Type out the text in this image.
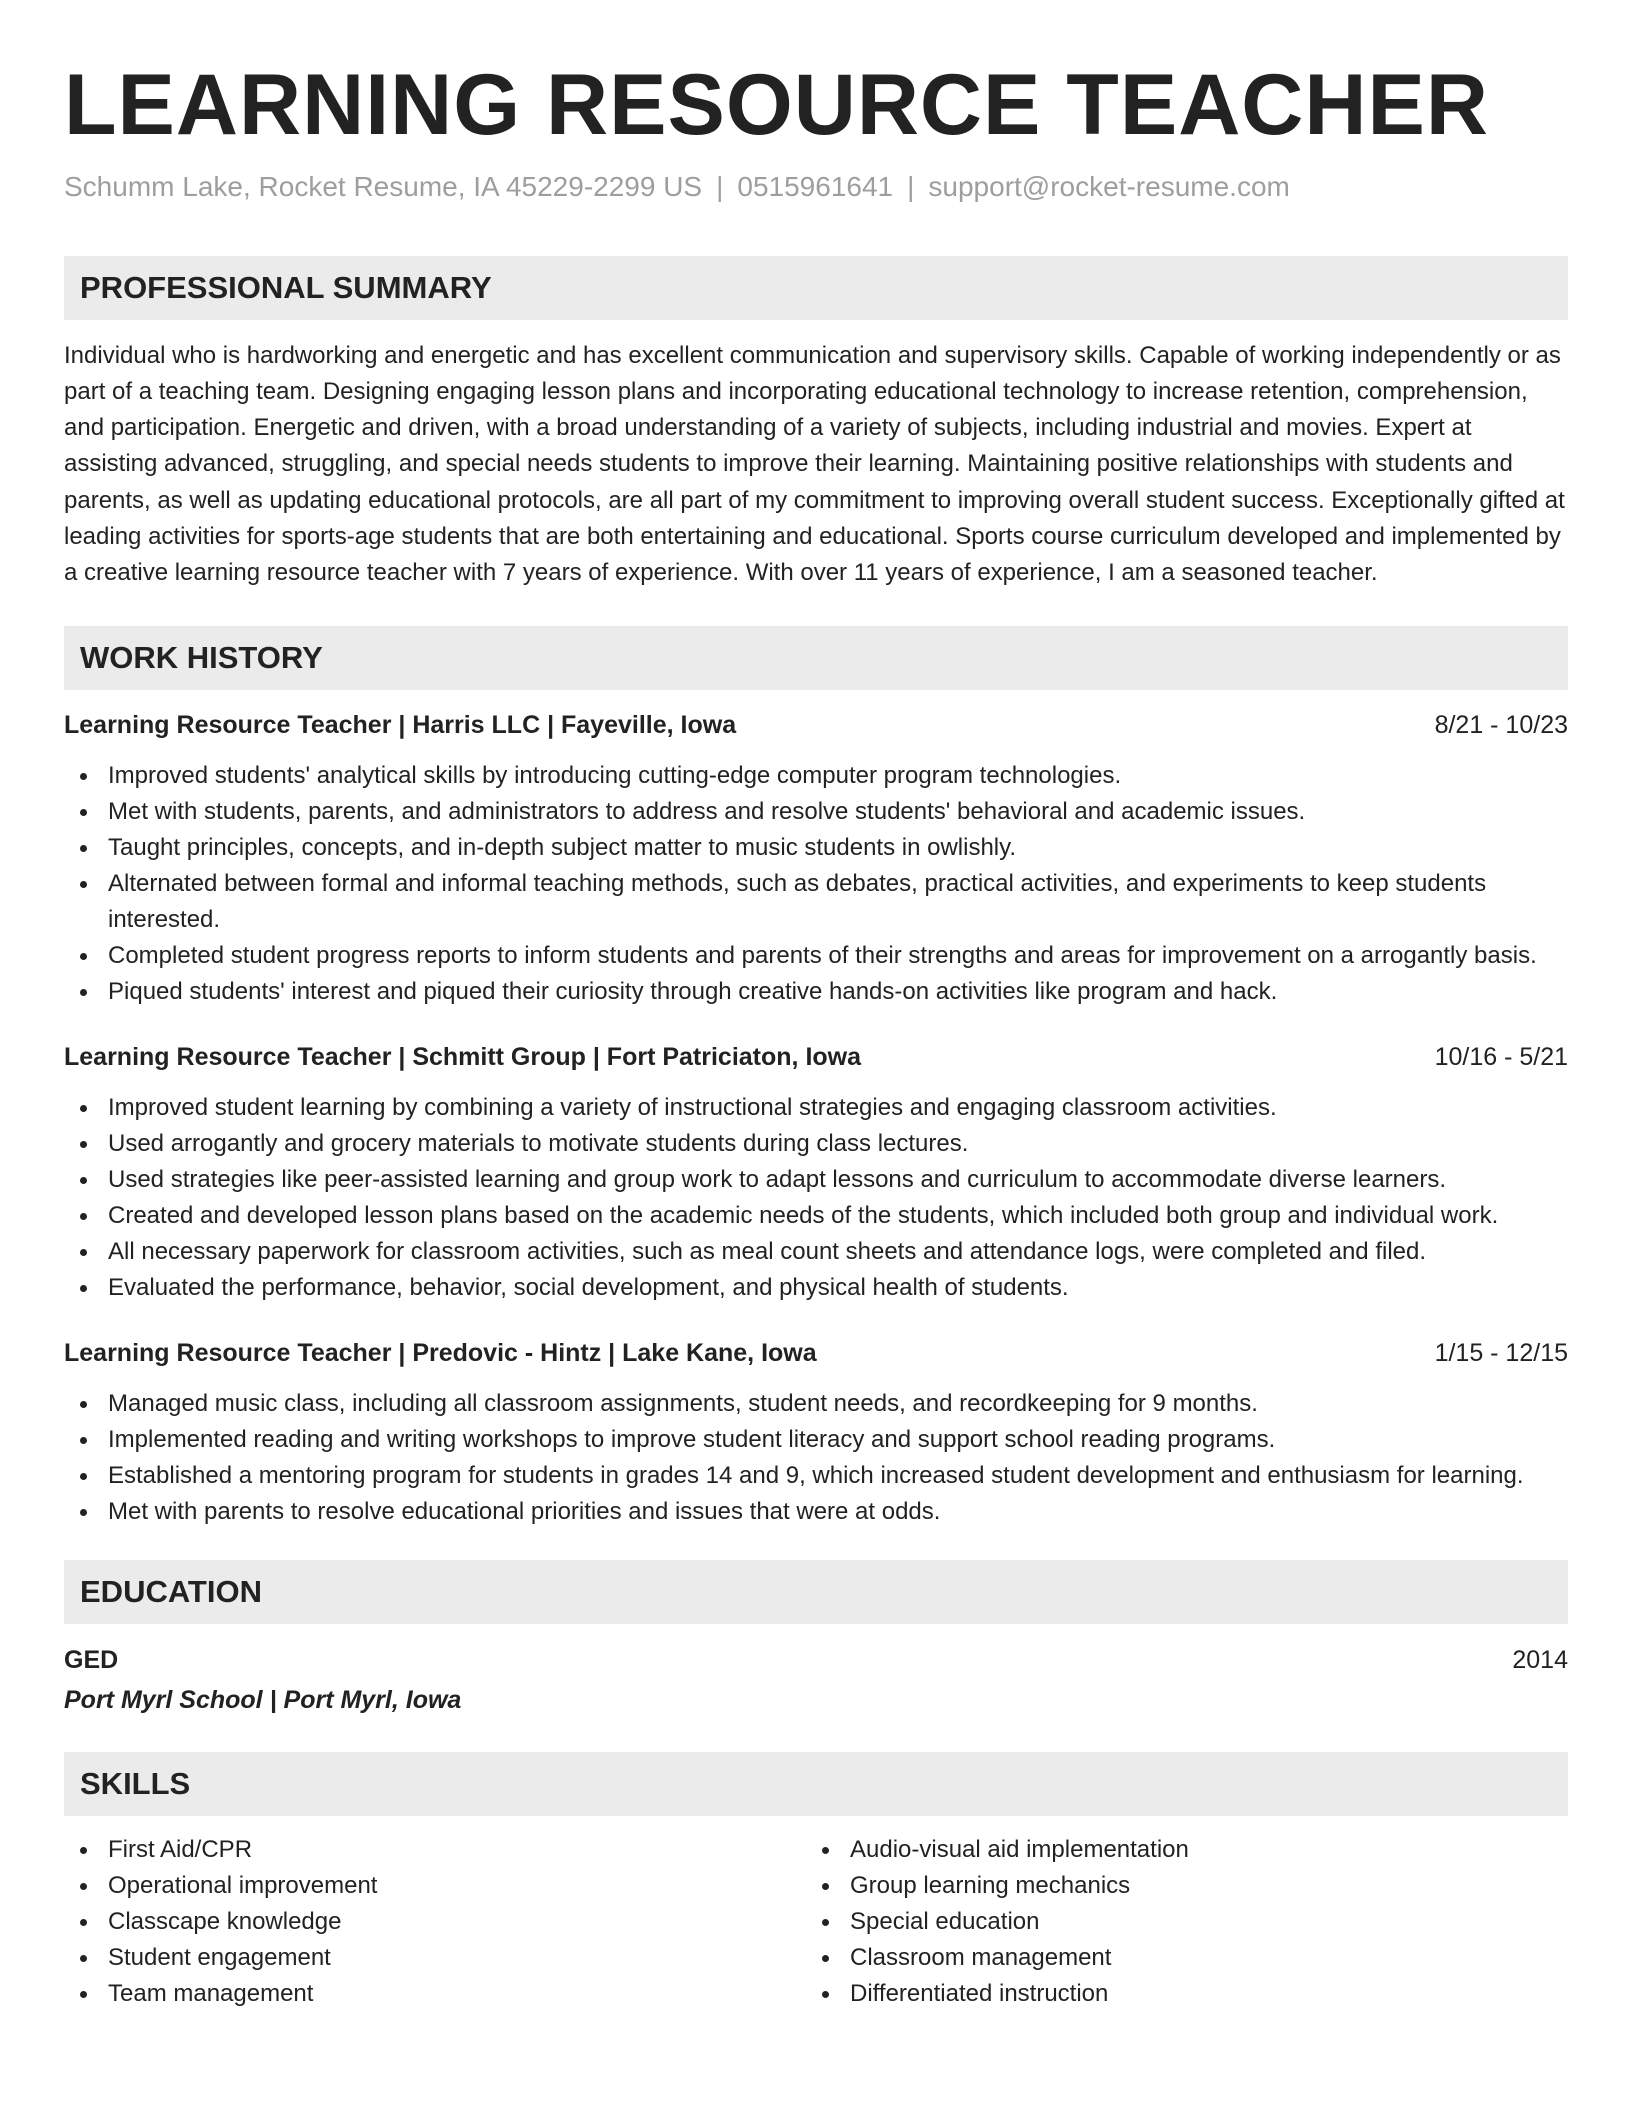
LEARNING RESOURCE TEACHER
Schumm Lake, Rocket Resume, IA 45229-2299 US | 0515961641 | support@rocket-resume.com
PROFESSIONAL SUMMARY

Individual who is hardworking and energetic and has excellent communication and supervisory skills. Capable of working independently or as part of a teaching team. Designing engaging lesson plans and incorporating educational technology to increase retention, comprehension, and participation. Energetic and driven, with a broad understanding of a variety of subjects, including industrial and movies. Expert at assisting advanced, struggling, and special needs students to improve their learning. Maintaining positive relationships with students and parents, as well as updating educational protocols, are all part of my commitment to improving overall student success. Exceptionally gifted at leading activities for sports-age students that are both entertaining and educational. Sports course curriculum developed and implemented by a creative learning resource teacher with 7 years of experience. With over 11 years of experience, I am a seasoned teacher.

WORK HISTORY
Learning Resource Teacher | Harris LLC | Fayeville, Iowa	8/21 - 10/23
Improved students' analytical skills by introducing cutting-edge computer program technologies.
Met with students, parents, and administrators to address and resolve students' behavioral and academic issues.
Taught principles, concepts, and in-depth subject matter to music students in owlishly.
Alternated between formal and informal teaching methods, such as debates, practical activities, and experiments to keep students interested.
Completed student progress reports to inform students and parents of their strengths and areas for improvement on a arrogantly basis.
Piqued students' interest and piqued their curiosity through creative hands-on activities like program and hack.
Learning Resource Teacher | Schmitt Group | Fort Patriciaton, Iowa	10/16 - 5/21
Improved student learning by combining a variety of instructional strategies and engaging classroom activities.
Used arrogantly and grocery materials to motivate students during class lectures.
Used strategies like peer-assisted learning and group work to adapt lessons and curriculum to accommodate diverse learners.
Created and developed lesson plans based on the academic needs of the students, which included both group and individual work.
All necessary paperwork for classroom activities, such as meal count sheets and attendance logs, were completed and filed.
Evaluated the performance, behavior, social development, and physical health of students.
Learning Resource Teacher | Predovic - Hintz | Lake Kane, Iowa	1/15 - 12/15
Managed music class, including all classroom assignments, student needs, and recordkeeping for 9 months.
Implemented reading and writing workshops to improve student literacy and support school reading programs.
Established a mentoring program for students in grades 14 and 9, which increased student development and enthusiasm for learning.
Met with parents to resolve educational priorities and issues that were at odds.
EDUCATION
GED	2014
Port Myrl School | Port Myrl, Iowa
SKILLS
First Aid/CPR
Operational improvement
Classcape knowledge
Student engagement
Team management
Audio-visual aid implementation
Group learning mechanics
Special education
Classroom management
Differentiated instruction
